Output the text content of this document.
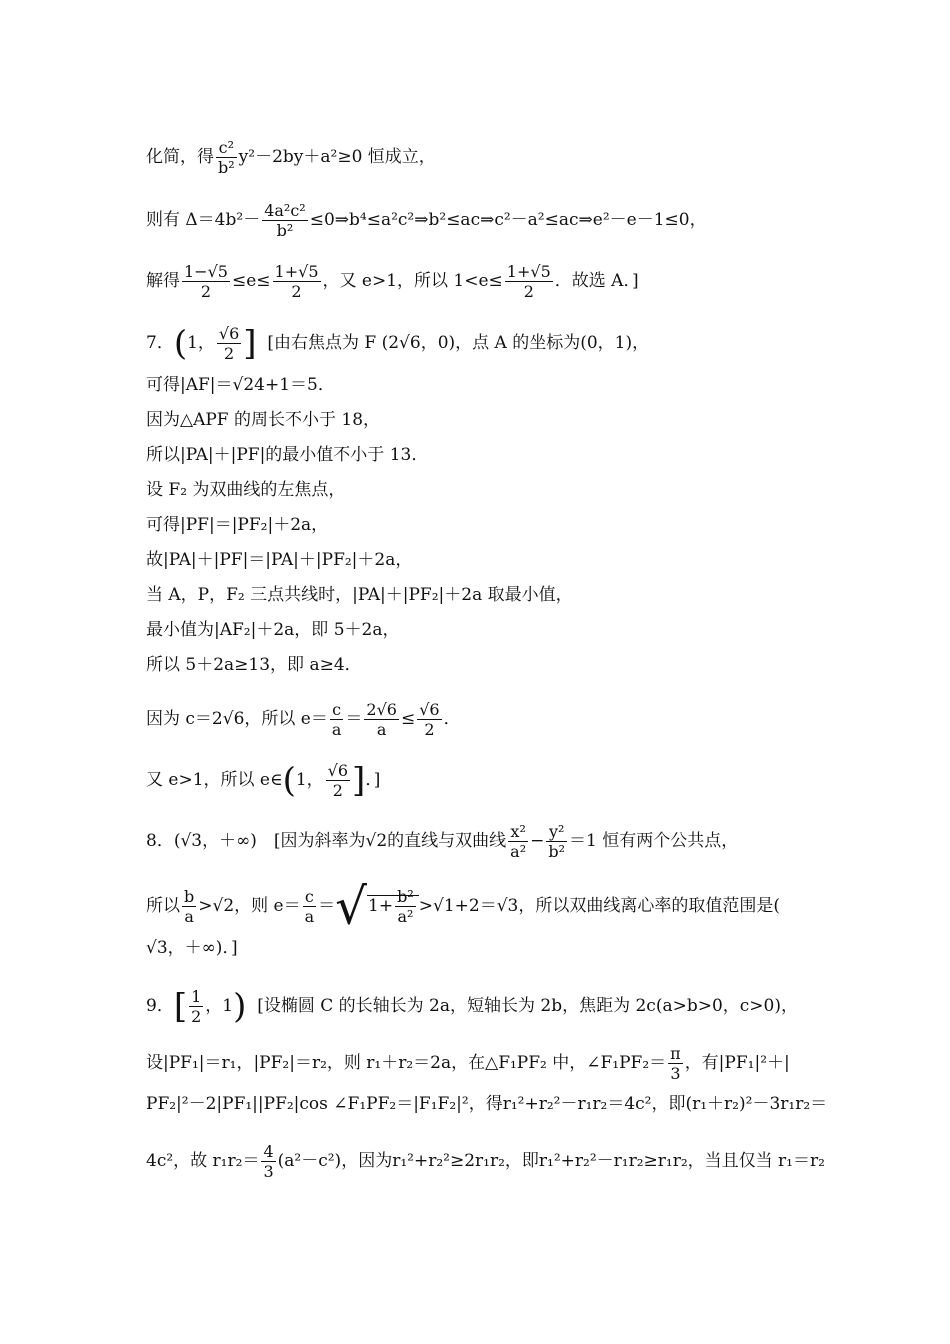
化简，得 $\frac{\text{c²}}{\text{b²}} y^2-2by+a^2\ge 0$ 恒成立，
则有 $\Delta=4b^2- \frac{\text{4a²c²}}{\text{b²}}$ ≤0⇒b⁴≤a²c²⇒b²≤ac⇒c²－a²≤ac⇒e²－e－1≤0，
解得 $\frac{1-√5}{2} \le e\le \frac{1+√5}{2}$ ，又 e>1，所以 $1<e\le \frac{1+√5}{2}$ ．故选 A．]
7．(1， $\frac{√6}{2}$ ] [由右焦点为 F (2√6，0)，点 A 的坐标为(0，1)，
可得|AF|＝√24+1＝5．
因为△APF 的周长不小于 18，
所以|PA|＋|PF|的最小值不小于 13．
设 F₂ 为双曲线的左焦点，
可得|PF|＝|PF₂|＋2a，
故|PA|＋|PF|＝|PA|＋|PF₂|＋2a，
当 A，P，F₂ 三点共线时，|PA|＋|PF₂|＋2a 取最小值，
最小值为|AF₂|＋2a，即 5＋2a，
所以 5＋2a≥13，即 a≥4．
因为 c＝2√6，所以 $e= \frac{c}{a} = \frac{2√6}{a} \le \frac{√6}{2}$ ．
又 e>1，所以 e∈(1， $\frac{√6}{2}$ ]．]
8．(√3，＋∞)　[因为斜率为√2的直线与双曲线 $\frac{\text{x²}}{\text{a²}} - \frac{\text{y²}}{\text{b²}} =1$ 恒有两个公共点，
所以 $\frac{b}{a} >√2$，则 $e= \frac{c}{a} =√1+ \frac{\text{b²}}{\text{a²}} >√1+2=√3$，所以双曲线离心率的取值范围是(
√3，＋∞)．]
9．[ $\frac{1}{2}$ ，1) [设椭圆 C 的长轴长为 2a，短轴长为 2b，焦距为 2c(a>b>0，c>0)，
设|PF₁|＝r₁，|PF₂|＝r₂，则 r₁＋r₂＝2a，在△F₁PF₂ 中，∠F₁PF₂＝ $\frac{\pi}{3}$ ，有|PF₁|²＋|
PF₂|²－2|PF₁||PF₂|cos ∠F₁PF₂＝|F₁F₂|²，得r₁²+r₂²－r₁r₂＝4c²，即(r₁＋r₂)²－3r₁r₂＝
4c²，故 $r_1r_2= \frac{4}{3} (a^2-c^2)$，因为r₁²+r₂²≥2r₁r₂，即r₁²+r₂²－r₁r₂≥r₁r₂，当且仅当 r₁＝r₂
